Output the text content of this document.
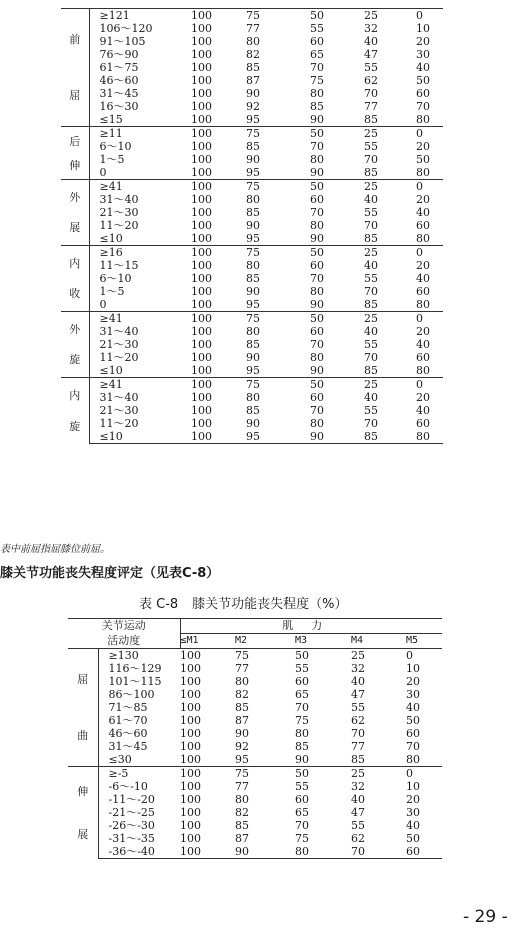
前
屈	≥121	100	75	50	25	0
	106～120	100	77	55	32	10
	91～105	100	80	60	40	20
	76～90	100	82	65	47	30
	61～75	100	85	70	55	40
	46～60	100	87	75	62	50
	31～45	100	90	80	70	60
	16～30	100	92	85	77	70
	≤15	100	95	90	85	80

后
伸	≥11	100	75	50	25	0
	6～10	100	85	70	55	20
	1～5	100	90	80	70	50
	0	100	95	90	85	80

外
展	≥41	100	75	50	25	0
	31～40	100	80	60	40	20
	21～30	100	85	70	55	40
	11～20	100	90	80	70	60
	≤10	100	95	90	85	80

内
收	≥16	100	75	50	25	0
	11～15	100	80	60	40	20
	6～10	100	85	70	55	40
	1～5	100	90	80	70	60
	0	100	95	90	85	80

外
旋	≥41	100	75	50	25	0
	31～40	100	80	60	40	20
	21～30	100	85	70	55	40
	11～20	100	90	80	70	60
	≤10	100	95	90	85	80

内
旋	≥41	100	75	50	25	0
	31～40	100	80	60	40	20
	21～30	100	85	70	55	40
	11～20	100	90	80	70	60
	≤10	100	95	90	85	80
表中前屈指屈膝位前屈。
膝关节功能丧失程度评定（见表C-8）
表 C-8 膝关节功能丧失程度（%）
关节运动		肌力				
活动度		≤M1	M2	M3	M4	M5

屈
曲	≥130	100	75	50	25	0
	116～129	100	77	55	32	10
	101～115	100	80	60	40	20
	86～100	100	82	65	47	30
	71～85	100	85	70	55	40
	61～70	100	87	75	62	50
	46～60	100	90	80	70	60
	31～45	100	92	85	77	70
	≤30	100	95	90	85	80

伸
展	≥-5	100	75	50	25	0
	-6～-10	100	77	55	32	10
	-11～-20	100	80	60	40	20
	-21～-25	100	82	65	47	30
	-26～-30	100	85	70	55	40
	-31～-35	100	87	75	62	50
	-36～-40	100	90	80	70	60
- 29 -
